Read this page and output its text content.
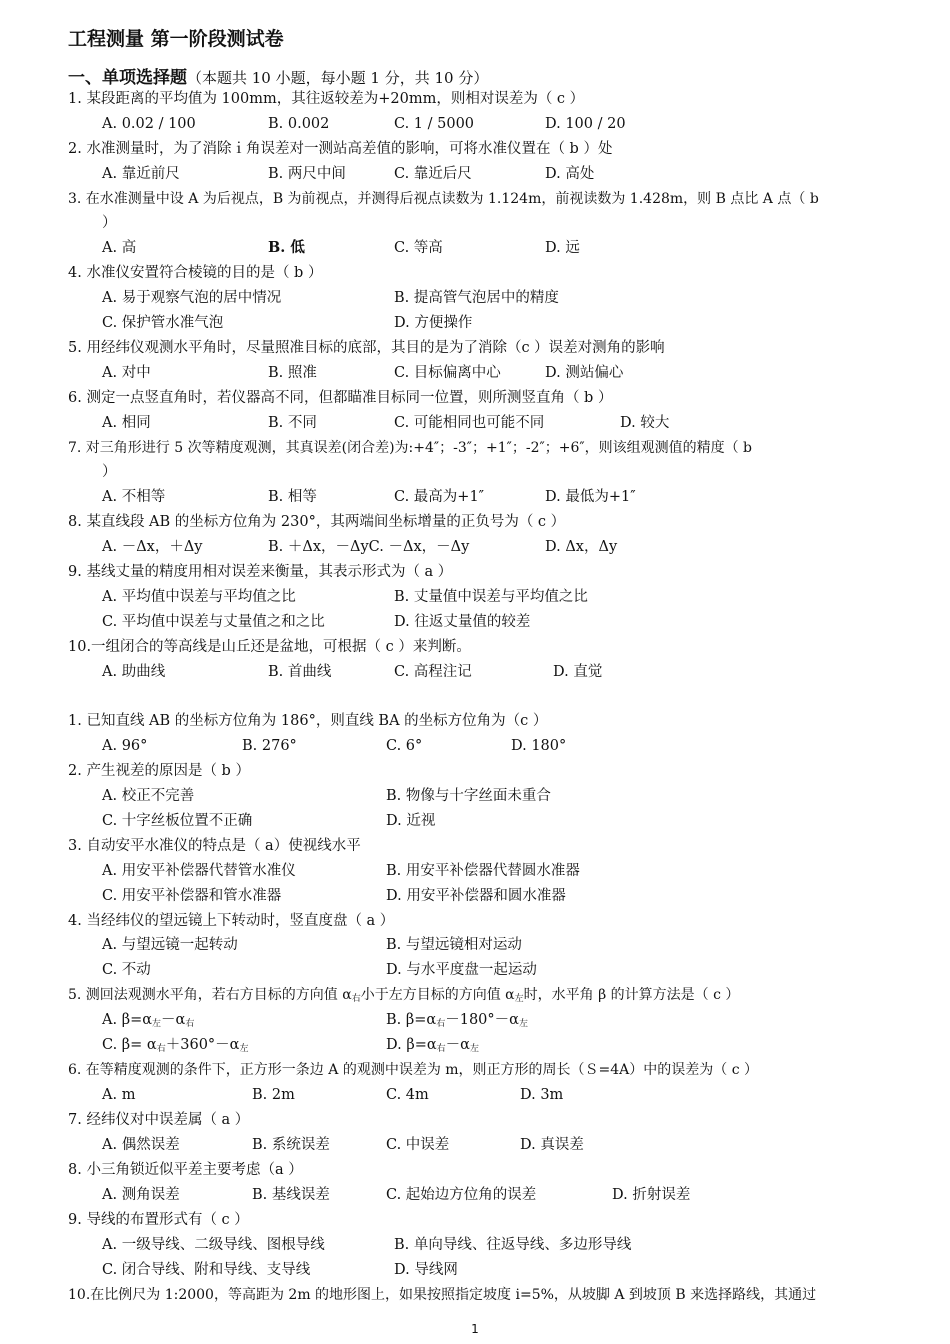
工程测量 第一阶段测试卷
一、单项选择题（本题共 10 小题，每小题 1 分，共 10 分）
1. 某段距离的平均值为 100mm，其往返较差为+20mm，则相对误差为（ c ）
A. 0.02 / 100	B. 0.002	C. 1 / 5000	D. 100 / 20
2. 水准测量时，为了消除ｉ角误差对一测站高差值的影响，可将水准仪置在（ b ）处
A. 靠近前尺	B. 两尺中间	C. 靠近后尺	D. 高处
3. 在水准测量中设 A 为后视点，B 为前视点，并测得后视点读数为 1.124m，前视读数为 1.428m，则 B 点比 A 点（ b
）
A. 高	B. 低	C. 等高	D. 远
4. 水准仪安置符合棱镜的目的是（ b ）
A. 易于观察气泡的居中情况	B. 提高管气泡居中的精度
C. 保护管水准气泡	D. 方便操作
5. 用经纬仪观测水平角时，尽量照准目标的底部，其目的是为了消除（c ）误差对测角的影响
A. 对中	B. 照准	C. 目标偏离中心	D. 测站偏心
6. 测定一点竖直角时，若仪器高不同，但都瞄准目标同一位置，则所测竖直角（ b ）
A. 相同	B. 不同	C. 可能相同也可能不同	D. 较大
7. 对三角形进行 5 次等精度观测，其真误差(闭合差)为:+4″；-3″；+1″；-2″；+6″，则该组观测值的精度（ b
）
A. 不相等	B. 相等	C. 最高为+1″	D. 最低为+1″
8. 某直线段 AB 的坐标方位角为 230°，其两端间坐标增量的正负号为（ c ）
A. －Δx，＋Δy	B. ＋Δx，－ΔyC. －Δx，－Δy	D. Δx，Δy
9. 基线丈量的精度用相对误差来衡量，其表示形式为（ a ）
A. 平均值中误差与平均值之比	B. 丈量值中误差与平均值之比
C. 平均值中误差与丈量值之和之比	D. 往返丈量值的较差
10.一组闭合的等高线是山丘还是盆地，可根据（ c ）来判断。
A. 助曲线	B. 首曲线	C. 高程注记	D. 直觉
1. 已知直线 AB 的坐标方位角为 186°，则直线 BA 的坐标方位角为（c ）
A. 96°	B. 276°	C. 6°	D. 180°
2. 产生视差的原因是（ b ）
A. 校正不完善	B. 物像与十字丝面未重合
C. 十字丝板位置不正确	D. 近视
3. 自动安平水准仪的特点是（ a）使视线水平
A. 用安平补偿器代替管水准仪	B. 用安平补偿器代替圆水准器
C. 用安平补偿器和管水准器	D. 用安平补偿器和圆水准器
4. 当经纬仪的望远镜上下转动时，竖直度盘（ a ）
A. 与望远镜一起转动	B. 与望远镜相对运动
C. 不动	D. 与水平度盘一起运动
5. 测回法观测水平角，若右方目标的方向值 $\alpha_右$小于左方目标的方向值 $\alpha_左$时，水平角 β 的计算方法是（ c ）
A. $\beta=\alpha_左-\alpha_右$	B. $\beta=\alpha_右-180^\circ-\alpha_左$
C. $\beta= \alpha_右+360^\circ-\alpha_左$	D. $\beta=\alpha_右-\alpha_左$
6. 在等精度观测的条件下，正方形一条边 A 的观测中误差为 m，则正方形的周长（Ｓ=4A）中的误差为（ c ）
A. m	B. 2m	C. 4m	D. 3m
7. 经纬仪对中误差属（ a ）
A. 偶然误差	B. 系统误差	C. 中误差	D. 真误差
8. 小三角锁近似平差主要考虑（a ）
A. 测角误差	B. 基线误差	C. 起始边方位角的误差	D. 折射误差
9. 导线的布置形式有（ c ）
A. 一级导线、二级导线、图根导线	B. 单向导线、往返导线、多边形导线
C. 闭合导线、附和导线、支导线	D. 导线网
10.在比例尺为 1:2000，等高距为 2m 的地形图上，如果按照指定坡度 i=5%，从坡脚 A 到坡顶 B 来选择路线，其通过
1
